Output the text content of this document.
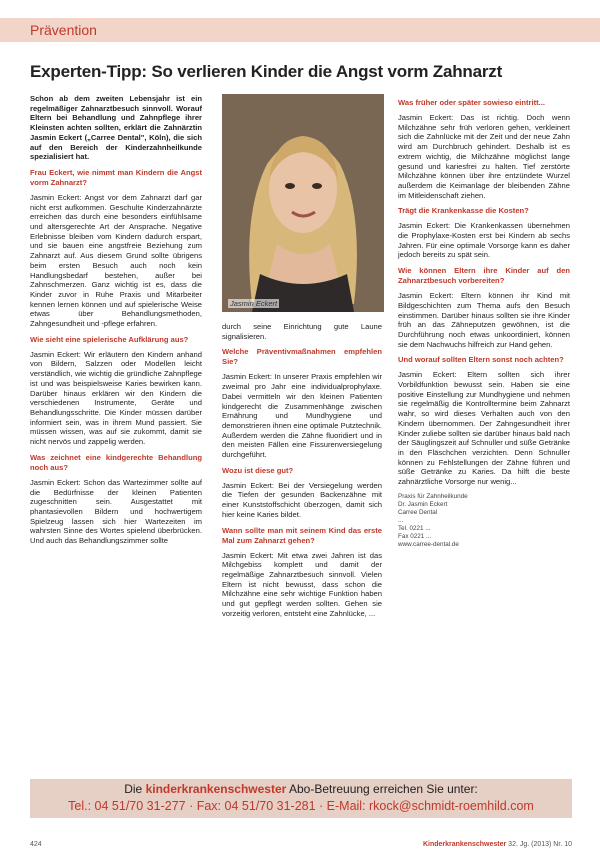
Prävention
Experten-Tipp: So verlieren Kinder die Angst vorm Zahnarzt

Schon ab dem zweiten Lebensjahr ist ein regelmäßiger Zahnarztbesuch sinnvoll. Worauf Eltern bei Behandlung und Zahnpflege ihrer Kleinsten achten sollten, erklärt die Zahnärztin Jasmin Eckert („Carree Dental", Köln), die sich auf den Bereich der Kinderzahnheilkunde spezialisiert hat.

Frau Eckert, wie nimmt man Kindern die Angst vorm Zahnarzt?

Jasmin Eckert: Angst vor dem Zahnarzt darf gar nicht erst aufkommen. Geschulte Kinderzahnärzte erreichen das durch eine besonders einfühlsame und altersgerechte Art der Ansprache. Negative Erlebnisse bleiben vom Kindern dadurch erspart, und sie bauen eine angstfreie Beziehung zum Zahnarzt auf. Aus diesem Grund sollte übrigens beim ersten Besuch auch noch kein Handlungsbedarf bestehen, außer bei Zahnschmerzen. Ganz wichtig ist es, dass die Kinder zuvor in Ruhe Praxis und Mitarbeiter kennen lernen können und auf spielerische Weise etwas über Behandlungsmethoden, Zahngesundheit und -pflege erfahren.

Wie sieht eine spielerische Aufklärung aus?

Jasmin Eckert: Wir erläutern den Kindern anhand von Bildern, Salzzen oder Modellen leicht verständlich, wie wichtig die gründliche Zahnpflege ist und was beispielsweise Karies bewirken kann. Darüber hinaus erklären wir den Kindern die verschiedenen Instrumente, Geräte und Behandlungsschritte. Die Kinder müssen darüber informiert sein, was in ihrem Mund passiert. Sie müssen wissen, was auf sie zukommt, damit sie nicht nervös und zappelig werden.

Was zeichnet eine kindgerechte Behandlung noch aus?

Jasmin Eckert: Schon das Wartezimmer sollte auf die Bedürfnisse der kleinen Patienten zugeschnitten sein. Ausgestattet mit phantasievollen Bildern und hochwertigem Spielzeug lassen sich hier Wartezeiten im wahrsten Sinne des Wortes spielend überbrücken. Und auch das Behandlungszimmer sollte

Jasmin Eckert

durch seine Einrichtung gute Laune signalisieren.

Welche Präventivmaßnahmen empfehlen Sie?

Jasmin Eckert: In unserer Praxis empfehlen wir zweimal pro Jahr eine individualprophylaxe. Dabei vermitteln wir den kleinen Patienten kindgerecht die Zusammenhänge zwischen Ernährung und Mundhygiene und demonstrieren ihnen eine optimale Putztechnik. Außerdem werden die Zähne fluoridiert und in den meisten Fällen eine Fissurenversiegelung durchgeführt.

Wozu ist diese gut?

Jasmin Eckert: Bei der Versiegelung werden die Tiefen der gesunden Backenzähne mit einer Kunststoffschicht überzogen, damit sich hier keine Karies bildet.

Wann sollte man mit seinem Kind das erste Mal zum Zahnarzt gehen?

Jasmin Eckert: Mit etwa zwei Jahren ist das Milchgebiss komplett und damit der regelmäßige Zahnarztbesuch sinnvoll. Vielen Eltern ist nicht bewusst, dass schon die Milchzähne eine sehr wichtige Funktion haben und gut gepflegt werden sollten. Gehen sie vorzeitig verloren, entsteht eine Zahnlücke, ...

Was früher oder später sowieso eintritt...

Jasmin Eckert: Das ist richtig. Doch wenn Milchzähne sehr früh verloren gehen, verkleinert sich die Zahnlücke mit der Zeit und der neue Zahn wird am Durchbruch gehindert. Deshalb ist es extrem wichtig, die Milchzähne möglichst lange gesund und kariesfrei zu halten. Tief zerstörte Milchzähne können über ihre entzündete Wurzel außerdem die Keimanlage der bleibenden Zähne im Mitleidenschaft ziehen.

Trägt die Krankenkasse die Kosten?

Jasmin Eckert: Die Krankenkassen übernehmen die Prophylaxe-Kosten erst bei Kindern ab sechs Jahren. Für eine optimale Vorsorge kann es daher jedoch bereits zu spät sein.

Wie können Eltern ihre Kinder auf den Zahnarztbesuch vorbereiten?

Jasmin Eckert: Eltern können ihr Kind mit Bildgeschichten zum Thema aufs den Besuch einstimmen. Darüber hinaus sollten sie ihre Kinder früh an das Zähneputzen gewöhnen, ist die Durchführung noch etwas unkoordiniert, können sie dem Nachwuchs hilfreich zur Hand gehen.

Und worauf sollten Eltern sonst noch achten?

Jasmin Eckert: Eltern sollten sich ihrer Vorbildfunktion bewusst sein. Haben sie eine positive Einstellung zur Mundhygiene und nehmen sie regelmäßig die Kontrolltermine beim Zahnarzt wahr, so wird dieses Verhalten auch von den Kindern übernommen. Der Zahngesundheit ihrer Kinder zuliebe sollten sie darüber hinaus bald nach der Säuglingszeit auf Schnuller und süße Getränke in den Fläschchen verzichten. Denn Schnuller können zu Fehlstellungen der Zähne führen und süße Getränke zu Karies. Da hilft die beste zahnärztliche Vorsorge nur wenig...

Praxis für Zahnheilkunde
Dr. Jasmin Eckert
Carree Dental
...
Tel. 0221 ...
Fax 0221 ...
www.carree-dental.de
Die kinderkrankenschwester Abo-Betreuung erreichen Sie unter:
Tel.: 04 51/70 31-277 · Fax: 04 51/70 31-281 · E-Mail: rkock@schmidt-roemhild.com
424	Kinderkrankenschwester 32. Jg. (2013) Nr. 10
